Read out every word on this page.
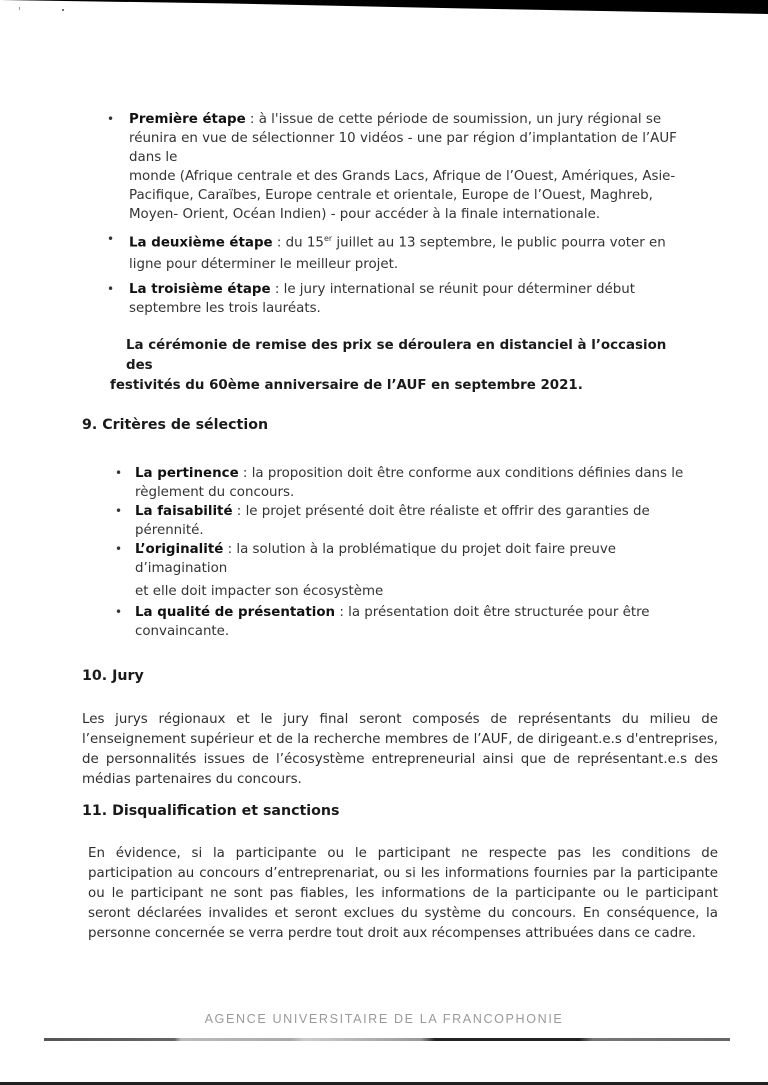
• Première étape : à l'issue de cette période de soumission, un jury régional se réunira en vue de sélectionner 10 vidéos - une par région d’implantation de l’AUF dans le
monde (Afrique centrale et des Grands Lacs, Afrique de l’Ouest, Amériques, Asie-Pacifique, Caraïbes, Europe centrale et orientale, Europe de l’Ouest, Maghreb, Moyen- Orient, Océan Indien) - pour accéder à la finale internationale.
• La deuxième étape : du 15er juillet au 13 septembre, le public pourra voter en ligne pour déterminer le meilleur projet.
• La troisième étape : le jury international se réunit pour déterminer début septembre les trois lauréats.
La cérémonie de remise des prix se déroulera en distanciel à l’occasion des
festivités du 60ème anniversaire de l’AUF en septembre 2021.
9. Critères de sélection
• La pertinence : la proposition doit être conforme aux conditions définies dans le règlement du concours.
• La faisabilité : le projet présenté doit être réaliste et offrir des garanties de pérennité.
• L’originalité : la solution à la problématique du projet doit faire preuve d’imagination
et elle doit impacter son écosystème
• La qualité de présentation : la présentation doit être structurée pour être convaincante.
10. Jury

Les jurys régionaux et le jury final seront composés de représentants du milieu de l’enseignement supérieur et de la recherche membres de l’AUF, de dirigeant.e.s d'entreprises, de personnalités issues de l’écosystème entrepreneurial ainsi que de représentant.e.s des médias partenaires du concours.

11. Disqualification et sanctions

En évidence, si la participante ou le participant ne respecte pas les conditions de participation au concours d’entreprenariat, ou si les informations fournies par la participante ou le participant ne sont pas fiables, les informations de la participante ou le participant seront déclarées invalides et seront exclues du système du concours. En conséquence, la personne concernée se verra perdre tout droit aux récompenses attribuées dans ce cadre.

AGENCE UNIVERSITAIRE DE LA FRANCOPHONIE
